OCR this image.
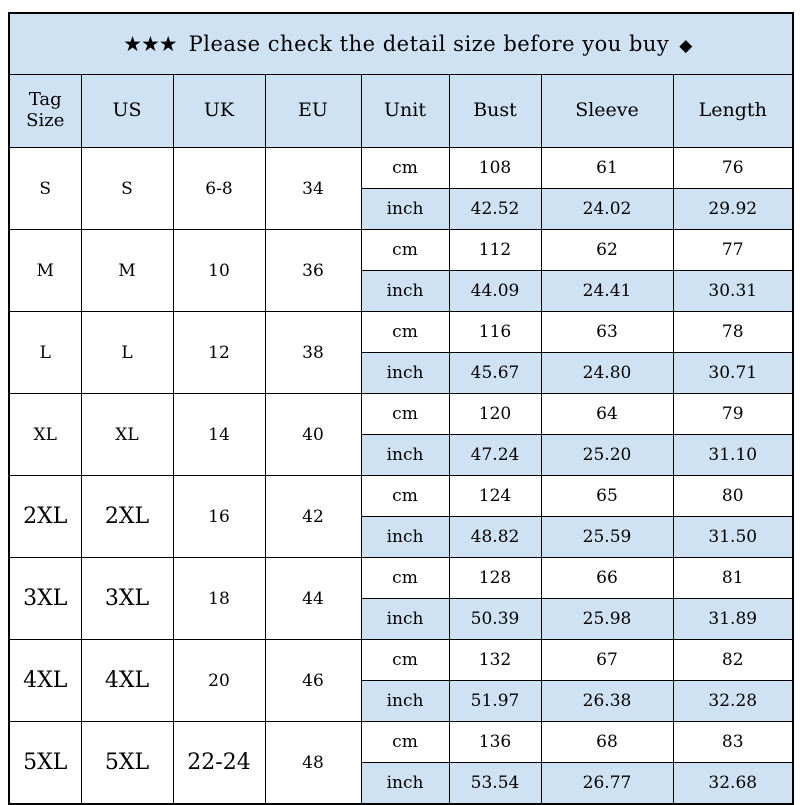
★★★ Please check the detail size before you buy ◆							

Tag
Size	US	UK	EU	Unit	Bust	Sleeve	Length
S	S	6-8	34	cm	108	61	76
				inch	42.52	24.02	29.92
M	M	10	36	cm	112	62	77
				inch	44.09	24.41	30.31
L	L	12	38	cm	116	63	78
				inch	45.67	24.80	30.71
XL	XL	14	40	cm	120	64	79
				inch	47.24	25.20	31.10
2XL	2XL	16	42	cm	124	65	80
				inch	48.82	25.59	31.50
3XL	3XL	18	44	cm	128	66	81
				inch	50.39	25.98	31.89
4XL	4XL	20	46	cm	132	67	82
				inch	51.97	26.38	32.28
5XL	5XL	22-24	48	cm	136	68	83
				inch	53.54	26.77	32.68
